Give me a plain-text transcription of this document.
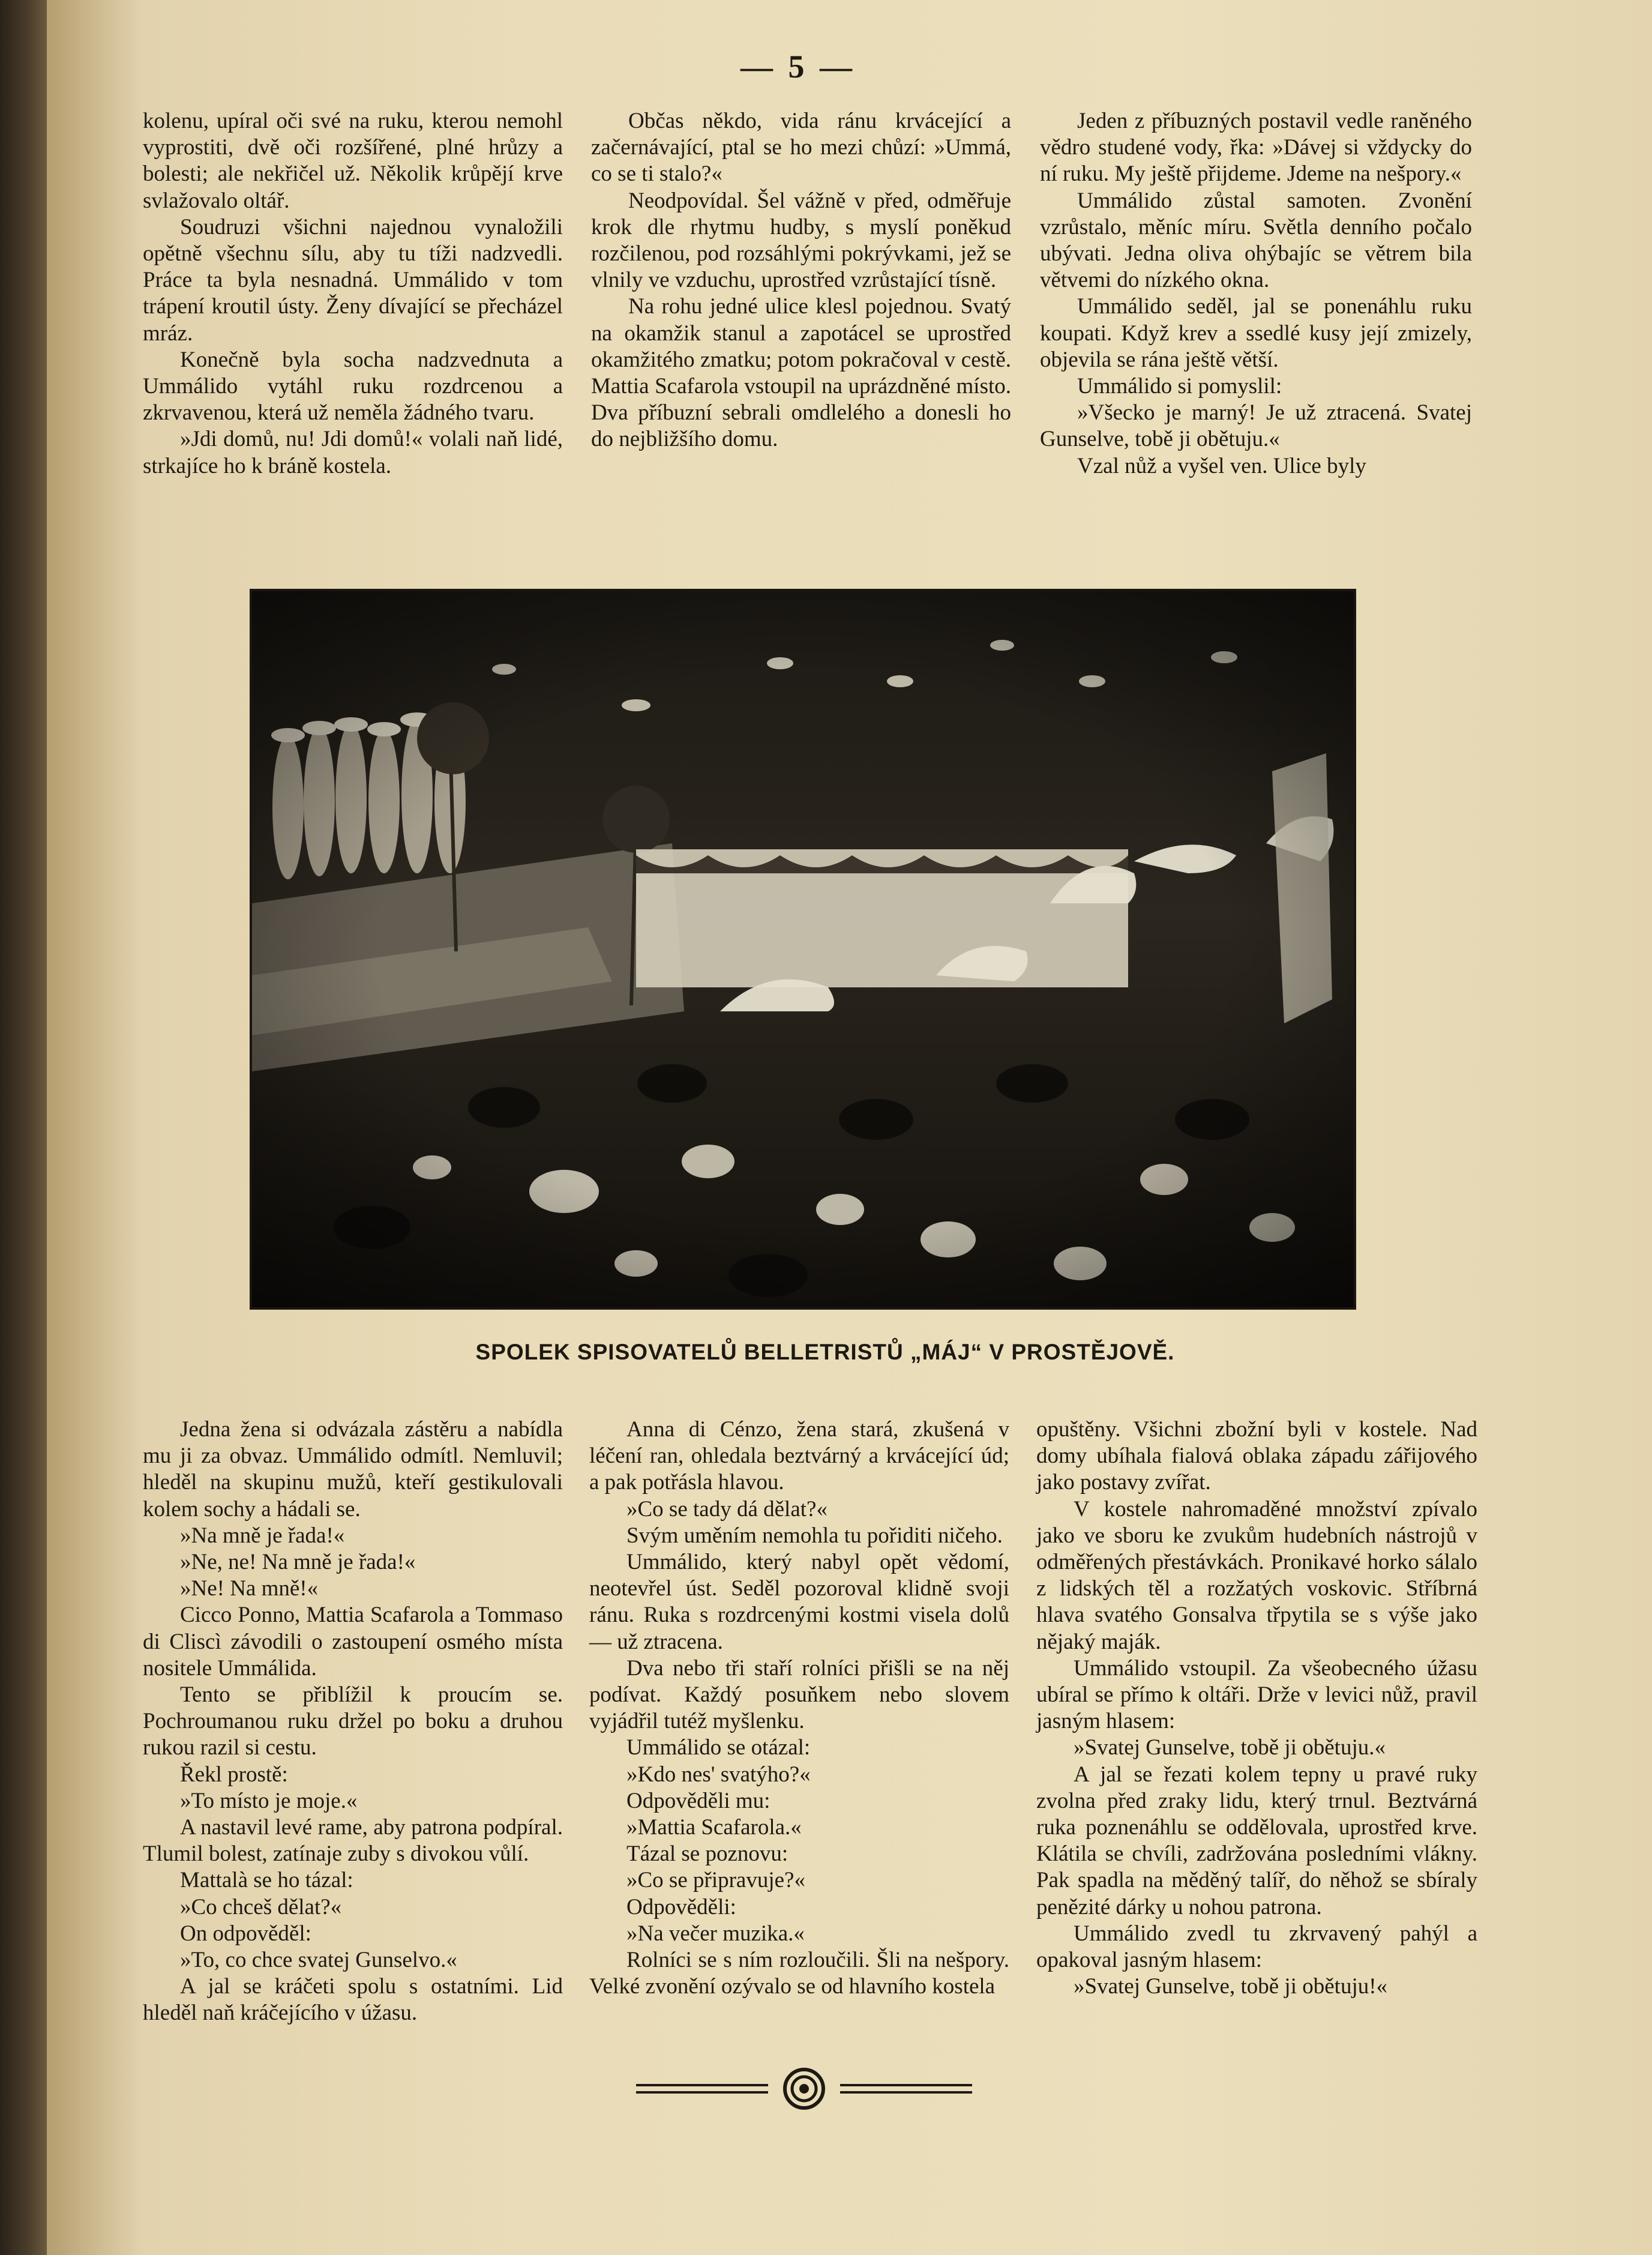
— 5 —

kolenu, upíral oči své na ruku, kterou nemohl vyprostiti, dvě oči rozšířené, plné hrůzy a bolesti; ale nekřičel už. Několik krůpějí krve svlažovalo oltář.

Soudruzi všichni najednou vynaložili opětně všechnu sílu, aby tu tíži nadzvedli. Práce ta byla nesnadná. Ummálido v tom trápení kroutil ústy. Ženy dívající se přecházel mráz.

Konečně byla socha nadzvednuta a Ummálido vytáhl ruku rozdrcenou a zkrvavenou, která už neměla žádného tvaru.

»Jdi domů, nu! Jdi domů!« volali naň lidé, strkajíce ho k bráně kostela.

Občas někdo, vida ránu krvácející a začernávající, ptal se ho mezi chůzí: »Ummá, co se ti stalo?«

Neodpovídal. Šel vážně v před, odměřuje krok dle rhytmu hudby, s myslí poněkud rozčilenou, pod rozsáhlými pokrývkami, jež se vlnily ve vzduchu, uprostřed vzrůstající tísně.

Na rohu jedné ulice klesl pojednou. Svatý na okamžik stanul a zapotácel se uprostřed okamžitého zmatku; potom pokračoval v cestě. Mattia Scafarola vstoupil na uprázdněné místo. Dva příbuzní sebrali omdlelého a donesli ho do nejbližšího domu.

Jeden z příbuzných postavil vedle raněného vědro studené vody, řka: »Dávej si vždycky do ní ruku. My ještě přijdeme. Jdeme na nešpory.«

Ummálido zůstal samoten. Zvonění vzrůstalo, měníc míru. Světla denního počalo ubývati. Jedna oliva ohýbajíc se větrem bila větvemi do nízkého okna.

Ummálido seděl, jal se ponenáhlu ruku koupati. Když krev a ssedlé kusy její zmizely, objevila se rána ještě větší.

Ummálido si pomyslil:

»Všecko je marný! Je už ztracená. Svatej Gunselve, tobě ji obětuju.«

Vzal nůž a vyšel ven. Ulice byly

SPOLEK SPISOVATELŮ BELLETRISTŮ „MÁJ“ V PROSTĚJOVĚ.

Jedna žena si odvázala zástěru a nabídla mu ji za obvaz. Ummálido odmítl. Nemluvil; hleděl na skupinu mužů, kteří gestikulovali kolem sochy a hádali se.

»Na mně je řada!«

»Ne, ne! Na mně je řada!«

»Ne! Na mně!«

Cicco Ponno, Mattia Scafarola a Tommaso di Cliscì závodili o zastoupení osmého místa nositele Ummálida.

Tento se přiblížil k proucím se. Pochroumanou ruku držel po boku a druhou rukou razil si cestu.

Řekl prostě:

»To místo je moje.«

A nastavil levé rame, aby patrona podpíral. Tlumil bolest, zatínaje zuby s divokou vůlí.

Mattalà se ho tázal:

»Co chceš dělat?«

On odpověděl:

»To, co chce svatej Gunselvo.«

A jal se kráčeti spolu s ostatními. Lid hleděl naň kráčejícího v úžasu.

Anna di Cénzo, žena stará, zkušená v léčení ran, ohledala beztvárný a krvácející úd; a pak potřásla hlavou.

»Co se tady dá dělat?«

Svým uměním nemohla tu pořiditi ničeho.

Ummálido, který nabyl opět vědomí, neotevřel úst. Seděl pozoroval klidně svoji ránu. Ruka s rozdrcenými kostmi visela dolů — už ztracena.

Dva nebo tři staří rolníci přišli se na něj podívat. Každý posuňkem nebo slovem vyjádřil tutéž myšlenku.

Ummálido se otázal:

»Kdo nes' svatýho?«

Odpověděli mu:

»Mattia Scafarola.«

Tázal se poznovu:

»Co se připravuje?«

Odpověděli:

»Na večer muzika.«

Rolníci se s ním rozloučili. Šli na nešpory. Velké zvonění ozývalo se od hlavního kostela

opuštěny. Všichni zbožní byli v kostele. Nad domy ubíhala fialová oblaka západu zářijového jako postavy zvířat.

V kostele nahromaděné množství zpívalo jako ve sboru ke zvukům hudebních nástrojů v odměřených přestávkách. Pronikavé horko sálalo z lidských těl a rozžatých voskovic. Stříbrná hlava svatého Gonsalva třpytila se s výše jako nějaký maják.

Ummálido vstoupil. Za všeobecného úžasu ubíral se přímo k oltáři. Drže v levici nůž, pravil jasným hlasem:

»Svatej Gunselve, tobě ji obětuju.«

A jal se řezati kolem tepny u pravé ruky zvolna před zraky lidu, který trnul. Beztvárná ruka poznenáhlu se oddělovala, uprostřed krve. Klátila se chvíli, zadržována posledními vlákny. Pak spadla na měděný talíř, do něhož se sbíraly penězité dárky u nohou patrona.

Ummálido zvedl tu zkrvavený pahýl a opakoval jasným hlasem:

»Svatej Gunselve, tobě ji obětuju!«
